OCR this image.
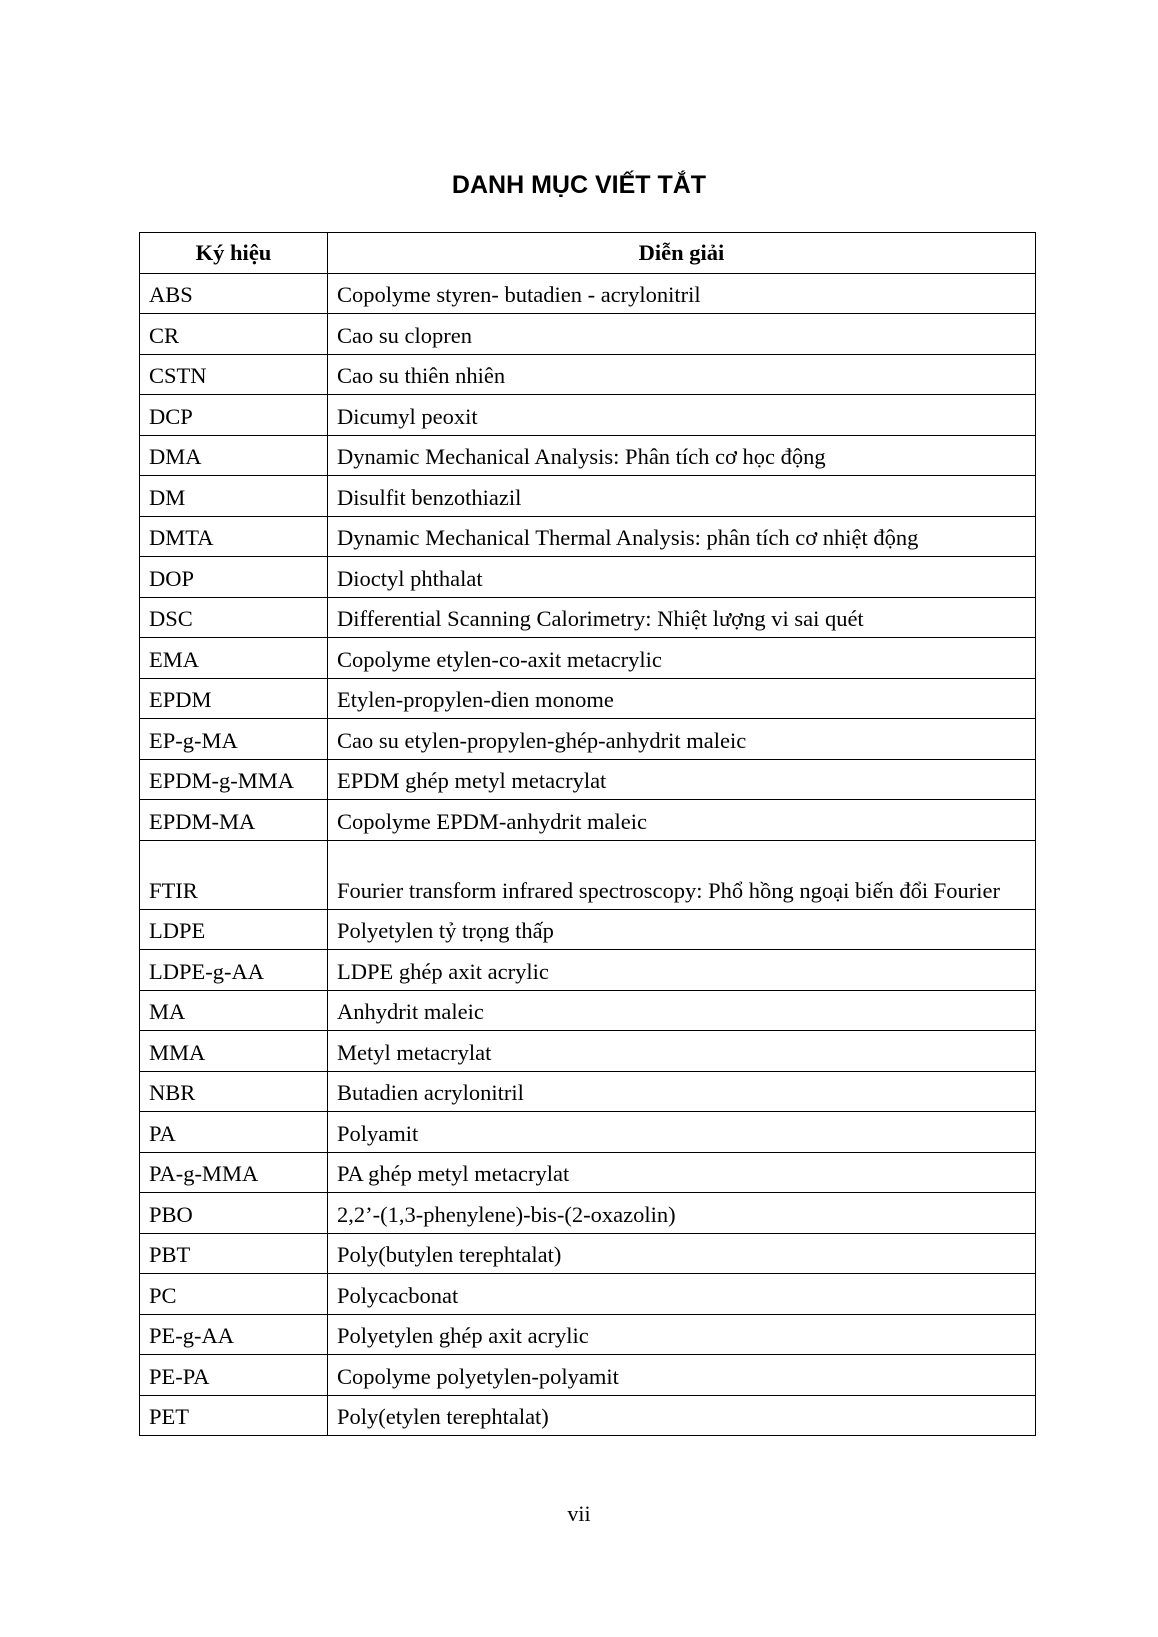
DANH MỤC VIẾT TẮT
Ký hiệu	Diễn giải
ABS	Copolyme styren- butadien - acrylonitril
CR	Cao su clopren
CSTN	Cao su thiên nhiên
DCP	Dicumyl peoxit
DMA	Dynamic Mechanical Analysis: Phân tích cơ học động
DM	Disulfit benzothiazil
DMTA	Dynamic Mechanical Thermal Analysis: phân tích cơ nhiệt động
DOP	Dioctyl phthalat
DSC	Differential Scanning Calorimetry: Nhiệt lượng vi sai quét
EMA	Copolyme etylen-co-axit metacrylic
EPDM	Etylen-propylen-dien monome
EP-g-MA	Cao su etylen-propylen-ghép-anhydrit maleic
EPDM-g-MMA	EPDM ghép metyl metacrylat
EPDM-MA	Copolyme EPDM-anhydrit maleic
FTIR	Fourier transform infrared spectroscopy: Phổ hồng ngoại biến đổi Fourier
LDPE	Polyetylen tỷ trọng thấp
LDPE-g-AA	LDPE ghép axit acrylic
MA	Anhydrit maleic
MMA	Metyl metacrylat
NBR	Butadien acrylonitril
PA	Polyamit
PA-g-MMA	PA ghép metyl metacrylat
PBO	2,2’-(1,3-phenylene)-bis-(2-oxazolin)
PBT	Poly(butylen terephtalat)
PC	Polycacbonat
PE-g-AA	Polyetylen ghép axit acrylic
PE-PA	Copolyme polyetylen-polyamit
PET	Poly(etylen terephtalat)
vii
